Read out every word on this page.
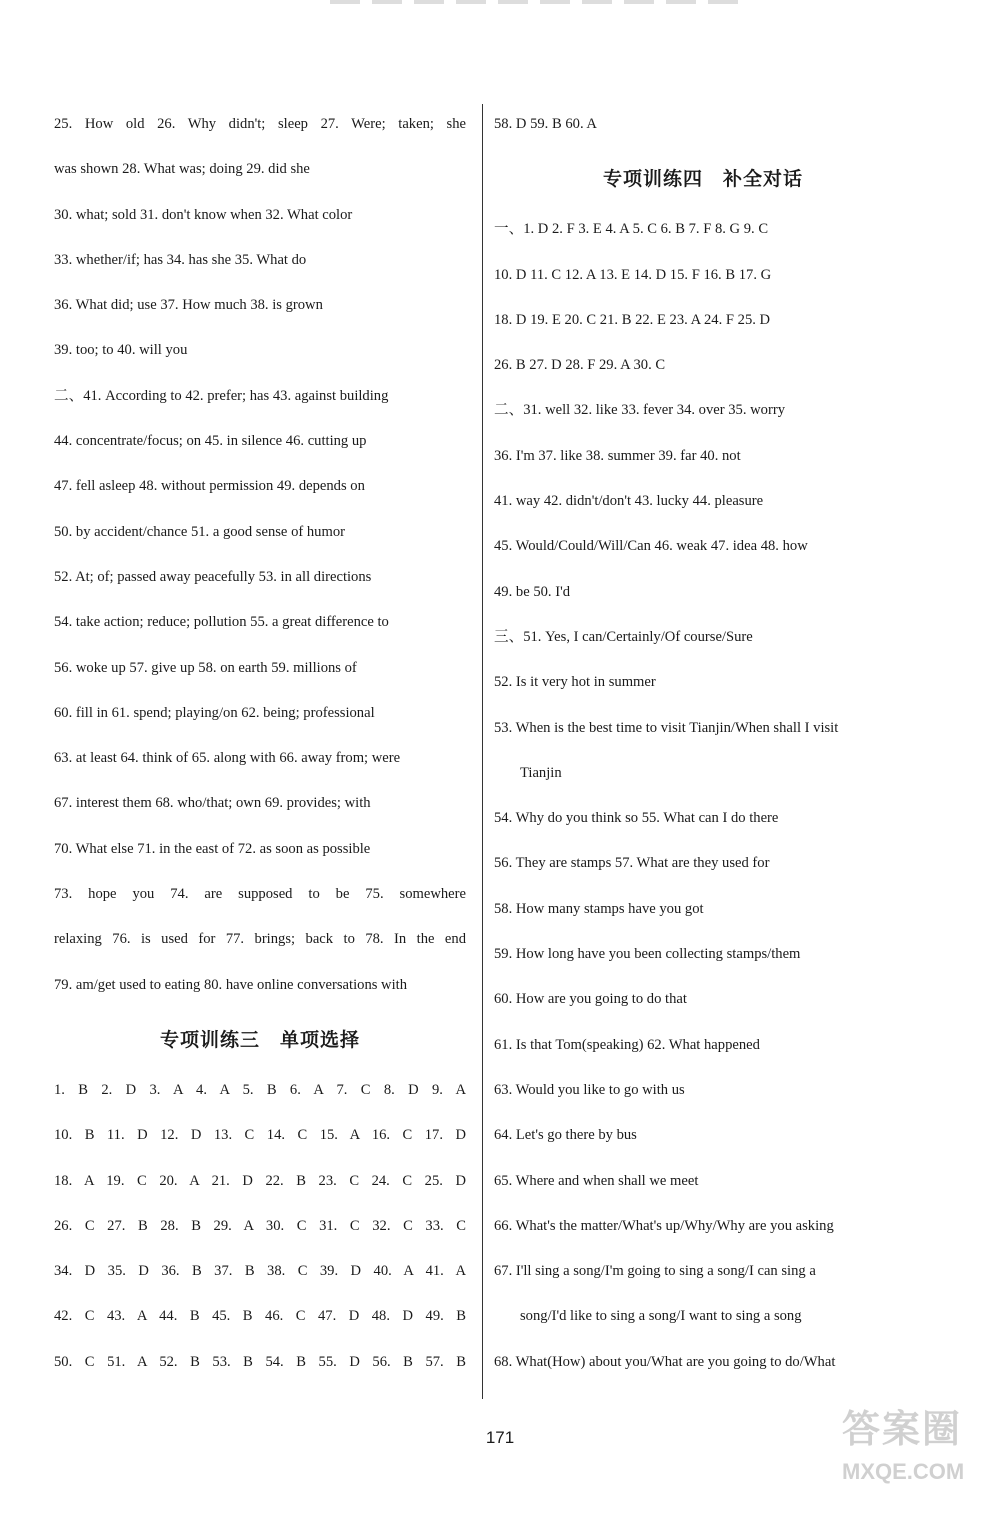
25. How old 26. Why didn't; sleep 27. Were; taken; she
was shown 28. What was; doing 29. did she
30. what; sold 31. don't know when 32. What color
33. whether/if; has 34. has she 35. What do
36. What did; use 37. How much 38. is grown
39. too; to 40. will you
二、41. According to 42. prefer; has 43. against building
44. concentrate/focus; on 45. in silence 46. cutting up
47. fell asleep 48. without permission 49. depends on
50. by accident/chance 51. a good sense of humor
52. At; of; passed away peacefully 53. in all directions
54. take action; reduce; pollution 55. a great difference to
56. woke up 57. give up 58. on earth 59. millions of
60. fill in 61. spend; playing/on 62. being; professional
63. at least 64. think of 65. along with 66. away from; were
67. interest them 68. who/that; own 69. provides; with
70. What else 71. in the east of 72. as soon as possible
73. hope you 74. are supposed to be 75. somewhere
relaxing 76. is used for 77. brings; back to 78. In the end
79. am/get used to eating 80. have online conversations with
专项训练三　单项选择
1. B 2. D 3. A 4. A 5. B 6. A 7. C 8. D 9. A
10. B 11. D 12. D 13. C 14. C 15. A 16. C 17. D
18. A 19. C 20. A 21. D 22. B 23. C 24. C 25. D
26. C 27. B 28. B 29. A 30. C 31. C 32. C 33. C
34. D 35. D 36. B 37. B 38. C 39. D 40. A 41. A
42. C 43. A 44. B 45. B 46. C 47. D 48. D 49. B
50. C 51. A 52. B 53. B 54. B 55. D 56. B 57. B
58. D 59. B 60. A
专项训练四　补全对话
一、1. D 2. F 3. E 4. A 5. C 6. B 7. F 8. G 9. C
10. D 11. C 12. A 13. E 14. D 15. F 16. B 17. G
18. D 19. E 20. C 21. B 22. E 23. A 24. F 25. D
26. B 27. D 28. F 29. A 30. C
二、31. well 32. like 33. fever 34. over 35. worry
36. I'm 37. like 38. summer 39. far 40. not
41. way 42. didn't/don't 43. lucky 44. pleasure
45. Would/Could/Will/Can 46. weak 47. idea 48. how
49. be 50. I'd
三、51. Yes, I can/Certainly/Of course/Sure
52. Is it very hot in summer
53. When is the best time to visit Tianjin/When shall I visit
Tianjin
54. Why do you think so 55. What can I do there
56. They are stamps 57. What are they used for
58. How many stamps have you got
59. How long have you been collecting stamps/them
60. How are you going to do that
61. Is that Tom(speaking) 62. What happened
63. Would you like to go with us
64. Let's go there by bus
65. Where and when shall we meet
66. What's the matter/What's up/Why/Why are you asking
67. I'll sing a song/I'm going to sing a song/I can sing a
song/I'd like to sing a song/I want to sing a song
68. What(How) about you/What are you going to do/What
171	答案圈
MXQE.COM
